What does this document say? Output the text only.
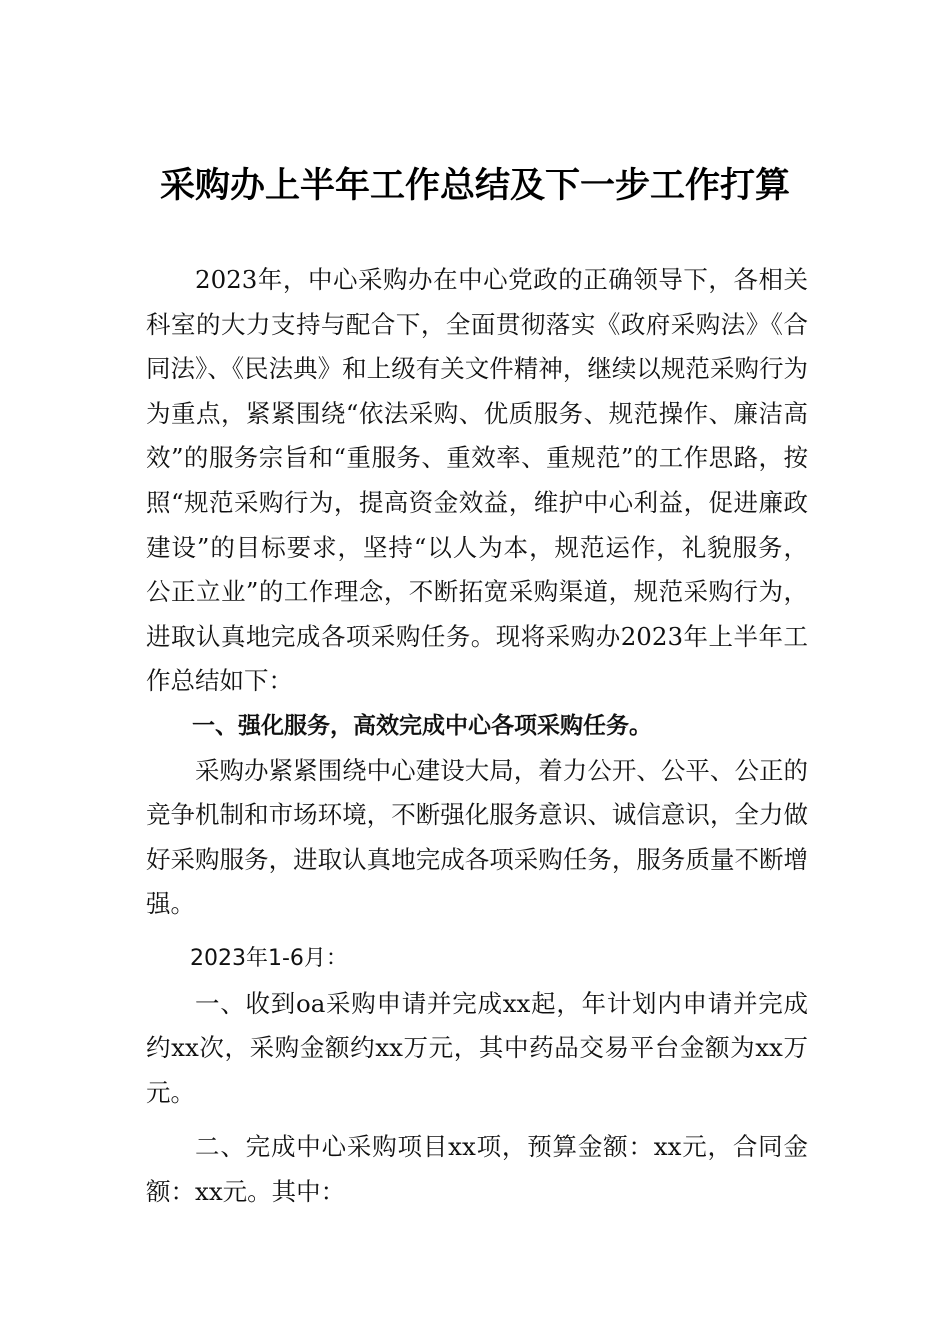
采购办上半年工作总结及下一步工作打算

2023年，中心采购办在中心党政的正确领导下，各相关科室的大力支持与配合下，全面贯彻落实《政府采购法》《合同法》、《民法典》和上级有关文件精神，继续以规范采购行为为重点，紧紧围绕“依法采购、优质服务、规范操作、廉洁高效”的服务宗旨和“重服务、重效率、重规范”的工作思路，按照“规范采购行为，提高资金效益，维护中心利益，促进廉政建设”的目标要求，坚持“以人为本，规范运作，礼貌服务，公正立业”的工作理念，不断拓宽采购渠道，规范采购行为，进取认真地完成各项采购任务。现将采购办2023年上半年工作总结如下：

一、强化服务，高效完成中心各项采购任务。

采购办紧紧围绕中心建设大局，着力公开、公平、公正的竞争机制和市场环境，不断强化服务意识、诚信意识，全力做好采购服务，进取认真地完成各项采购任务，服务质量不断增强。

2023年1-6月：

一、收到oa采购申请并完成xx起，年计划内申请并完成约xx次，采购金额约xx万元，其中药品交易平台金额为xx万元。

二、完成中心采购项目xx项，预算金额：xx元，合同金额：xx元。其中：
